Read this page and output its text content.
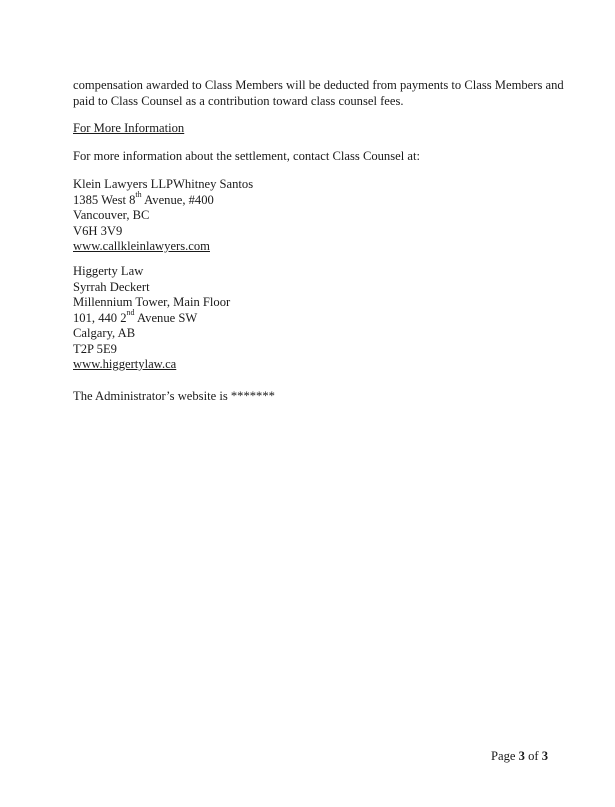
compensation awarded to Class Members will be deducted from payments to Class Members and
paid to Class Counsel as a contribution toward class counsel fees.
For More Information
For more information about the settlement, contact Class Counsel at:
Klein Lawyers LLPWhitney Santos
1385 West 8th Avenue, #400
Vancouver, BC
V6H 3V9
www.callkleinlawyers.com
Higgerty Law
Syrrah Deckert
Millennium Tower, Main Floor
101, 440 2nd Avenue SW
Calgary, AB
T2P 5E9
www.higgertylaw.ca
The Administrator’s website is *******
Page 3 of 3
